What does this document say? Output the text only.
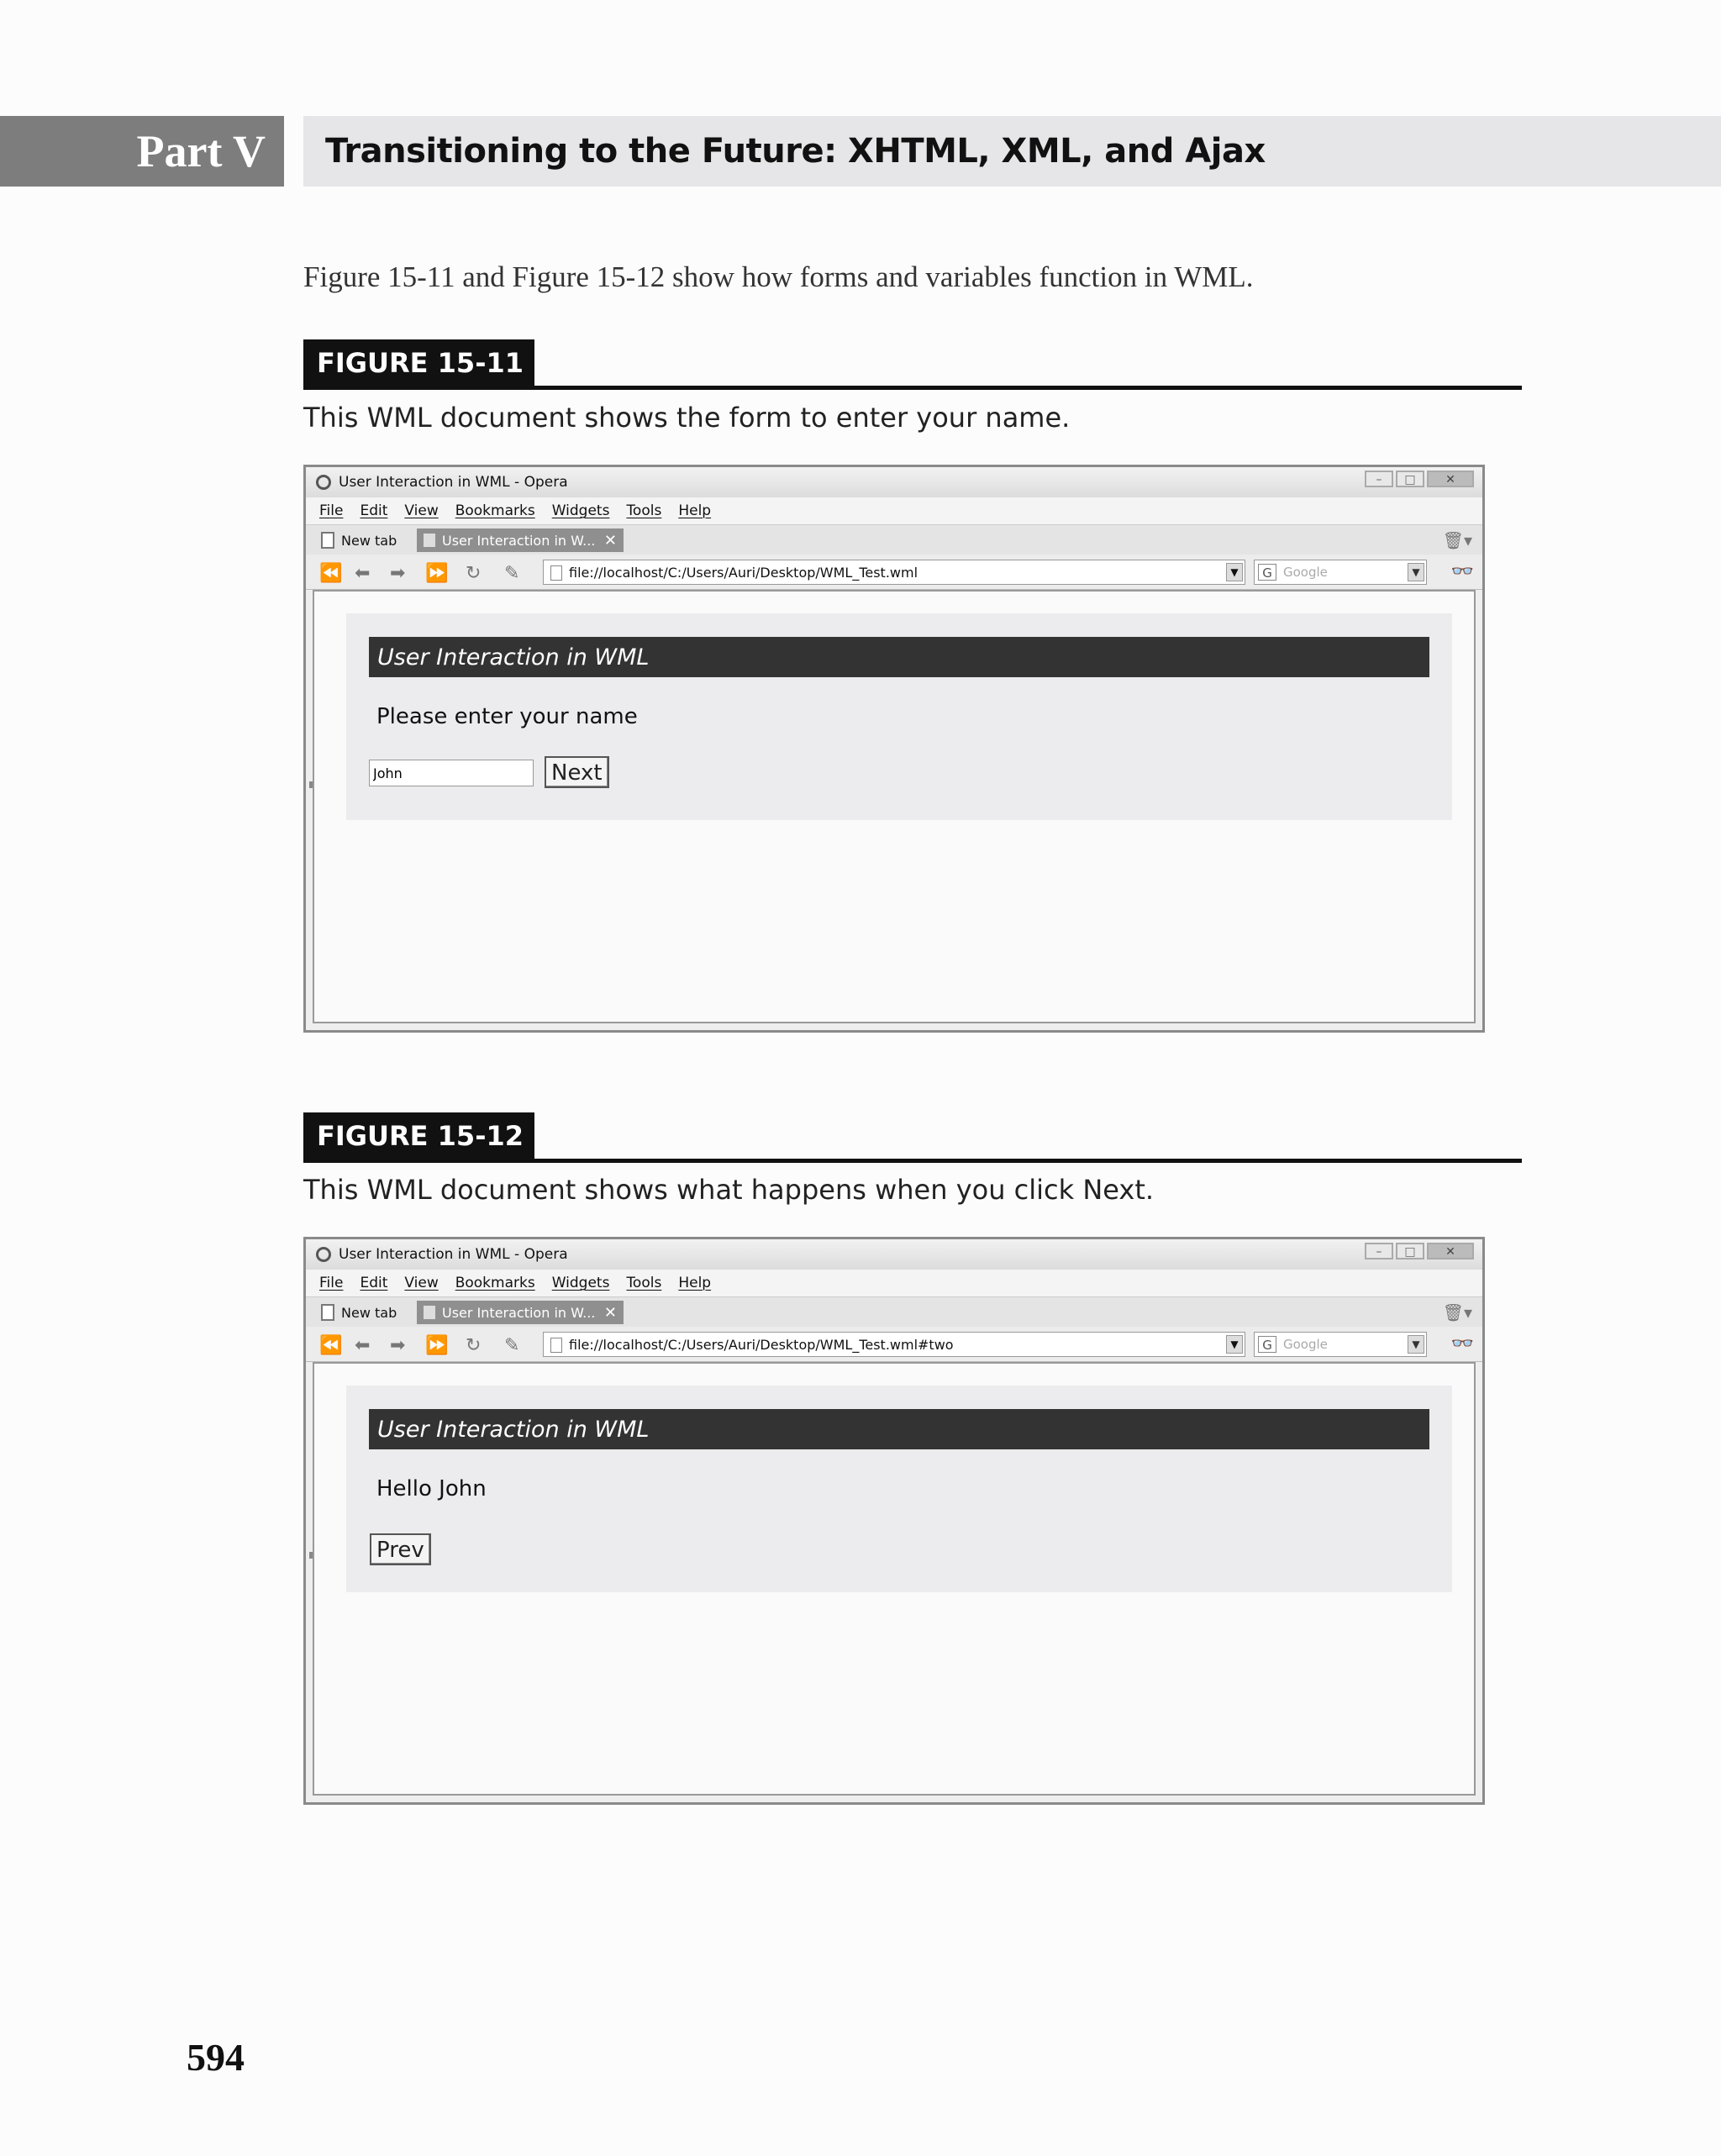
Part V	Transitioning to the Future: XHTML, XML, and Ajax
Figure 15-11 and Figure 15-12 show how forms and variables function in WML.
FIGURE 15-11
This WML document shows the form to enter your name.
User Interaction in WML - Opera	–	□	✕
File Edit View Bookmarks Widgets Tools Help
New tab	User Interaction in W... ✕	🗑▾
⏪ ⬅ ➡ ⏩ ↻ ✎	file://localhost/C:/Users/Auri/Desktop/WML_Test.wml	▼	G Google	▼ 👓
User Interaction in WML
Please enter your name
John
Next
FIGURE 15-12
This WML document shows what happens when you click Next.
User Interaction in WML - Opera	–	□	✕
File Edit View Bookmarks Widgets Tools Help
New tab	User Interaction in W... ✕	🗑▾
⏪ ⬅ ➡ ⏩ ↻ ✎	file://localhost/C:/Users/Auri/Desktop/WML_Test.wml#two	▼	G Google	▼ 👓
User Interaction in WML
Hello John
Prev
594
